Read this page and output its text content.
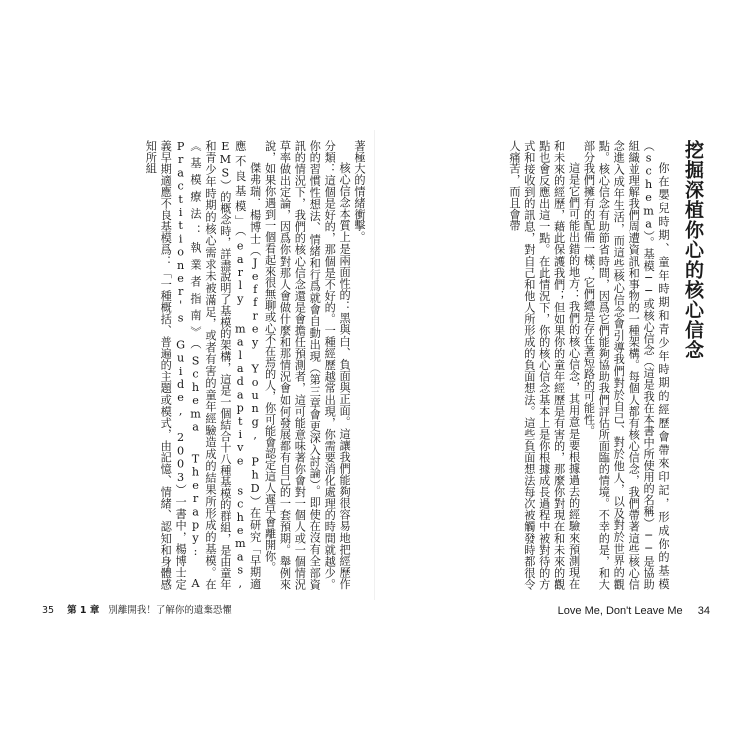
著極大的情緒衝擊。

核心信念本質上是兩面性的：黑與白、負面與正面。這讓我們能夠很容易地把經歷作分類：這個是好的，那個是不好的。一種經歷越常出現，你需要消化處理的時間就越少。你的習慣性想法、情緒和行爲就會自動出現（第三章會更深入討論）。即使在沒有全部資訊的情況下，我們的核心信念還是會擔任預測者，這可能意味著你會對一個人或一個情況草率做出定論，因爲你對那人會做什麼和那情況會如何發展都有自己的一套預期。舉例來說，如果你遇到一個看起來很無聊或心不在焉的人，你可能會認定這人遲早會離開你。

傑弗瑞．楊博士（Jeffrey Young, PhD）在研究「早期適應不良基模」（early maladaptive schemas, EMS）的概念時，詳盡說明了基模的架構，這是一個結合十八種基模的群組，是由童年和青少年時期的核心需求未被滿足，或者有害的童年經驗造成的結果所形成的基模。在《基模療法：執業者指南》（Schema Therapy: A Practitioner's Guide, 2003）一書中，楊博士定義早期適應不良基模爲：「一種概括、普遍的主題或模式，由記憶、情緒、認知和身體感知所組	挖掘深植你心的核心信念

你在嬰兒時期、童年時期和青少年時期的經歷會帶來印記，形成你的基模（schema）。基模──或核心信念（這是我在本書中所使用的名稱）──是協助組織並理解我們周遭資訊和事物的一種架構。每個人都有核心信念，我們帶著這些核心信念進入成年生活，而這些核心信念會引導我們對於自己、對於他人，以及對於世界的觀點。核心信念有助節省時間，因爲它們能夠協助我們評估所面臨的情境。不幸的是，和大部分我們擁有的配備一樣，它們總是存在著短路的可能性。

這是它們可能出錯的地方：我們的核心信念，其用意是要根據過去的經驗來預測現在和未來的經歷，藉此保護我們；但如果你的童年經歷是有害的，那麼你對現在和未來的觀點也會反應出這一點。在此情況下，你的核心信念基本上是你根據成長過程中被對待的方式和接收到的訊息，對自己和他人所形成的負面想法。這些負面想法每次被觸發時都很令人痛苦，而且會帶

35 第 1 章 別離開我！了解你的遺棄恐懼	Love Me, Don't Leave Me 34
